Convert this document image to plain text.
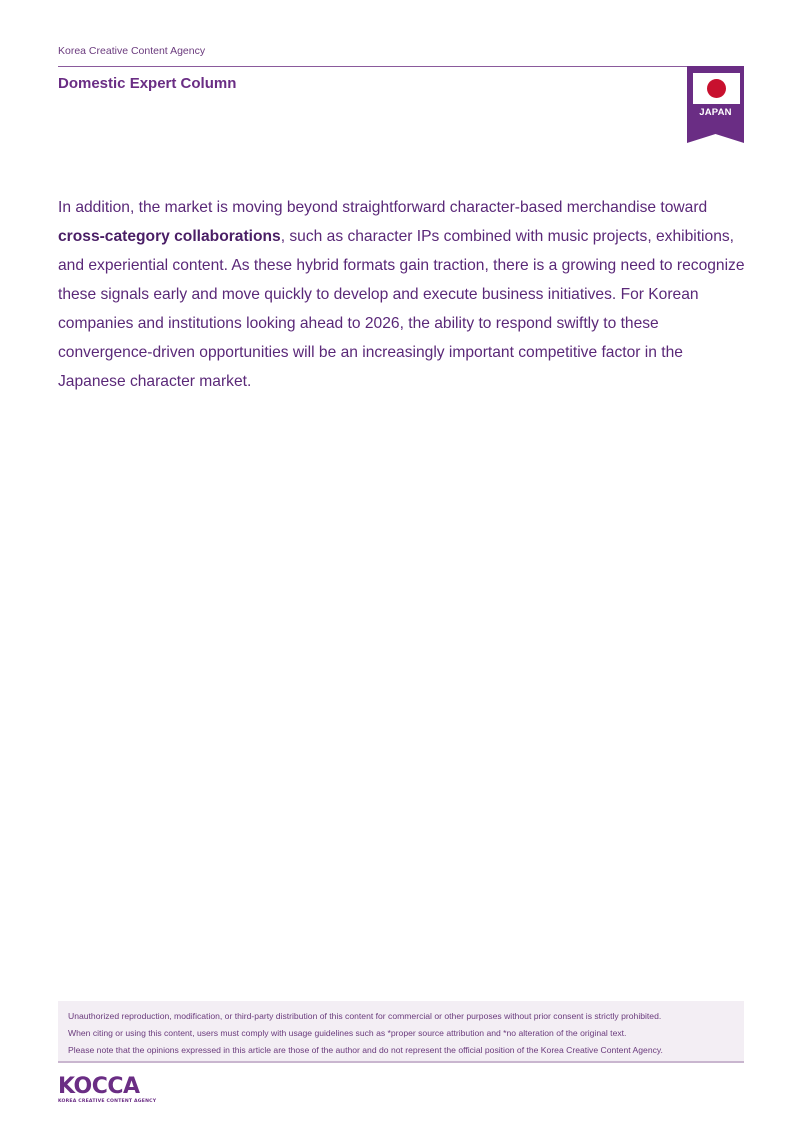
Korea Creative Content Agency
Domestic Expert Column
JAPAN

In addition, the market is moving beyond straightforward character-based merchandise toward cross-category collaborations, such as character IPs combined with music projects, exhibitions, and experiential content. As these hybrid formats gain traction, there is a growing need to recognize these signals early and move quickly to develop and execute business initiatives. For Korean companies and institutions looking ahead to 2026, the ability to respond swiftly to these convergence-driven opportunities will be an increasingly important competitive factor in the Japanese character market.

Unauthorized reproduction, modification, or third-party distribution of this content for commercial or other purposes without prior consent is strictly prohibited.
When citing or using this content, users must comply with usage guidelines such as *proper source attribution and *no alteration of the original text.
Please note that the opinions expressed in this article are those of the author and do not represent the official position of the Korea Creative Content Agency.
KOCCA
KOREA CREATIVE CONTENT AGENCY
